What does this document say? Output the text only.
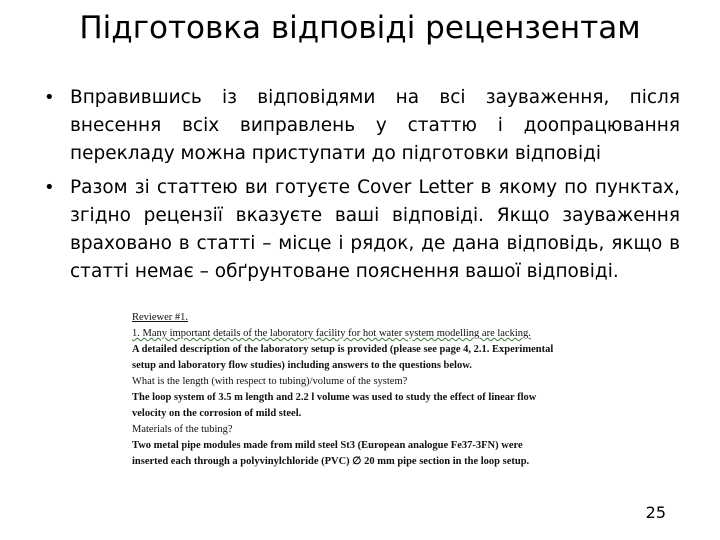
Підготовка відповіді рецензентам
• Вправившись із відповідями на всі зауваження, після внесення всіх виправлень у статтю і доопрацювання перекладу можна приступати до підготовки відповіді
• Разом зі статтею ви готуєте Cover Letter в якому по пунктах, згідно рецензії вказуєте ваші відповіді. Якщо зауваження враховано в статті – місце і рядок, де дана відповідь, якщо в статті немає – обґрунтоване пояснення вашої відповіді.

Reviewer #1.

1. Many important details of the laboratory facility for hot water system modelling are lacking.

A detailed description of the laboratory setup is provided (please see page 4, 2.1. Experimental

setup and laboratory flow studies) including answers to the questions below.

What is the length (with respect to tubing)/volume of the system?

The loop system of 3.5 m length and 2.2 l volume was used to study the effect of linear flow

velocity on the corrosion of mild steel.

Materials of the tubing?

Two metal pipe modules made from mild steel St3 (European analogue Fe37-3FN) were

inserted each through a polyvinylchloride (PVC) ∅ 20 mm pipe section in the loop setup.

25
